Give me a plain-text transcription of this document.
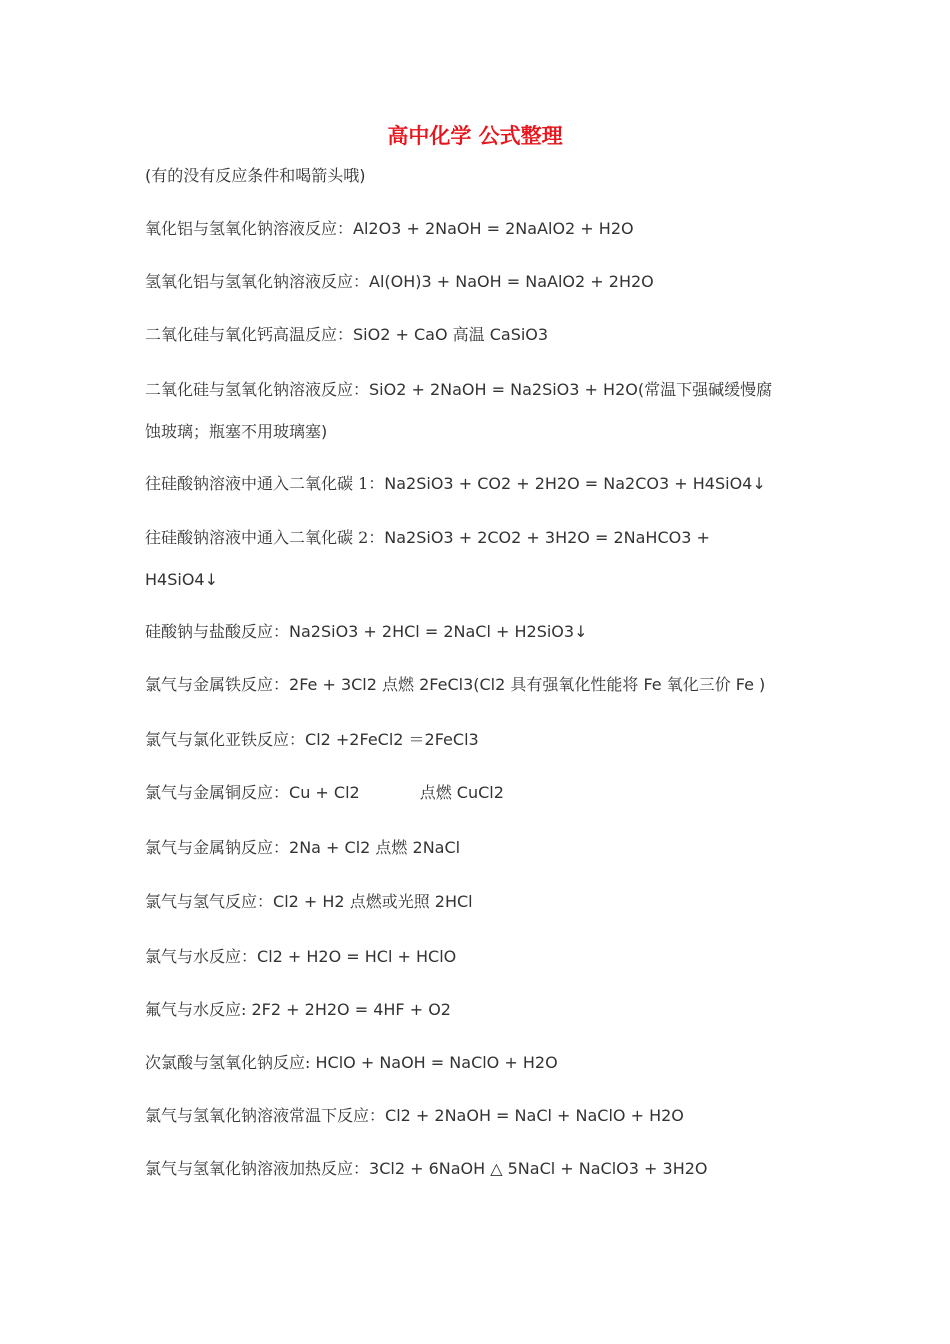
高中化学 公式整理

(有的没有反应条件和喝箭头哦)

氧化铝与氢氧化钠溶液反应：Al2O3 + 2NaOH = 2NaAlO2 + H2O

氢氧化铝与氢氧化钠溶液反应：Al(OH)3 + NaOH = NaAlO2 + 2H2O

二氧化硅与氧化钙高温反应：SiO2 + CaO 高温 CaSiO3

二氧化硅与氢氧化钠溶液反应：SiO2 + 2NaOH = Na2SiO3 + H2O(常温下强碱缓慢腐

蚀玻璃；瓶塞不用玻璃塞)

往硅酸钠溶液中通入二氧化碳 1：Na2SiO3 + CO2 + 2H2O = Na2CO3 + H4SiO4↓

往硅酸钠溶液中通入二氧化碳 2：Na2SiO3 + 2CO2 + 3H2O = 2NaHCO3 +

H4SiO4↓

硅酸钠与盐酸反应：Na2SiO3 + 2HCl = 2NaCl + H2SiO3↓

氯气与金属铁反应：2Fe + 3Cl2 点燃 2FeCl3(Cl2 具有强氧化性能将 Fe 氧化三价 Fe )

氯气与氯化亚铁反应：Cl2 +2FeCl2 ＝2FeCl3

氯气与金属铜反应：Cu + Cl2	点燃 CuCl2

氯气与金属钠反应：2Na + Cl2 点燃 2NaCl

氯气与氢气反应：Cl2 + H2 点燃或光照 2HCl

氯气与水反应：Cl2 + H2O = HCl + HClO

氟气与水反应: 2F2 + 2H2O = 4HF + O2

次氯酸与氢氧化钠反应: HClO + NaOH = NaClO + H2O

氯气与氢氧化钠溶液常温下反应：Cl2 + 2NaOH = NaCl + NaClO + H2O

氯气与氢氧化钠溶液加热反应：3Cl2 + 6NaOH △ 5NaCl + NaClO3 + 3H2O
